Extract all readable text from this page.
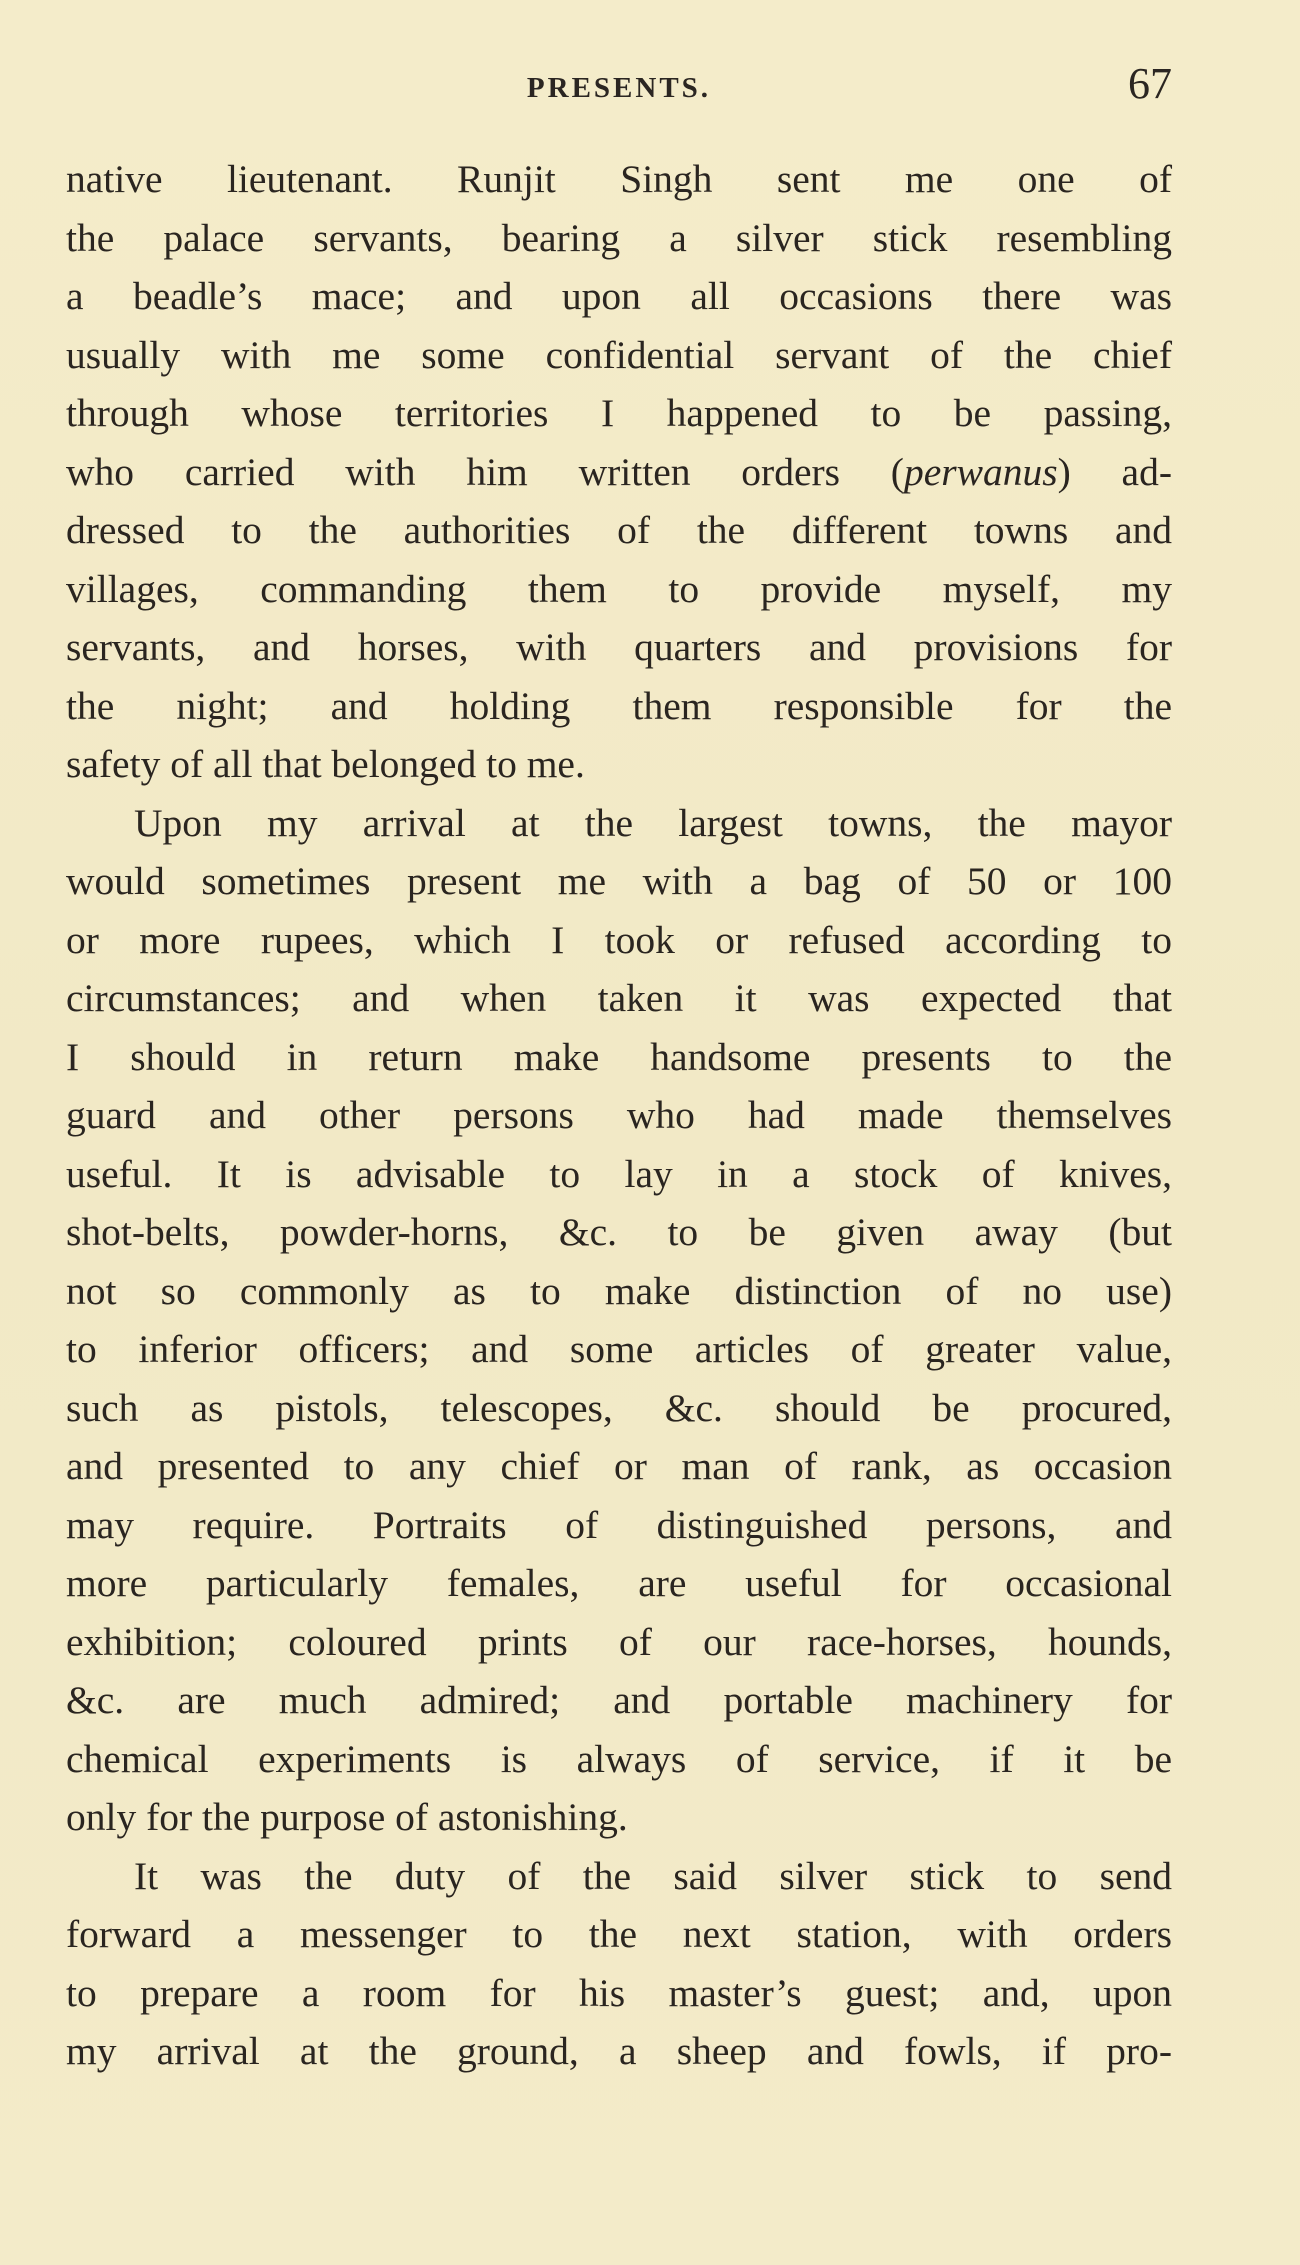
PRESENTS.	67
native lieutenant. Runjit Singh sent me one of
the palace servants, bearing a silver stick resembling
a beadle’s mace; and upon all occasions there was
usually with me some confidential servant of the chief
through whose territories I happened to be passing,
who carried with him written orders (perwanus) ad-
dressed to the authorities of the different towns and
villages, commanding them to provide myself, my
servants, and horses, with quarters and provisions for
the night; and holding them responsible for the
safety of all that belonged to me.
Upon my arrival at the largest towns, the mayor
would sometimes present me with a bag of 50 or 100
or more rupees, which I took or refused according to
circumstances; and when taken it was expected that
I should in return make handsome presents to the
guard and other persons who had made themselves
useful. It is advisable to lay in a stock of knives,
shot-belts, powder-horns, &c. to be given away (but
not so commonly as to make distinction of no use)
to inferior officers; and some articles of greater value,
such as pistols, telescopes, &c. should be procured,
and presented to any chief or man of rank, as occasion
may require. Portraits of distinguished persons, and
more particularly females, are useful for occasional
exhibition; coloured prints of our race-horses, hounds,
&c. are much admired; and portable machinery for
chemical experiments is always of service, if it be
only for the purpose of astonishing.
It was the duty of the said silver stick to send
forward a messenger to the next station, with orders
to prepare a room for his master’s guest; and, upon
my arrival at the ground, a sheep and fowls, if pro-
